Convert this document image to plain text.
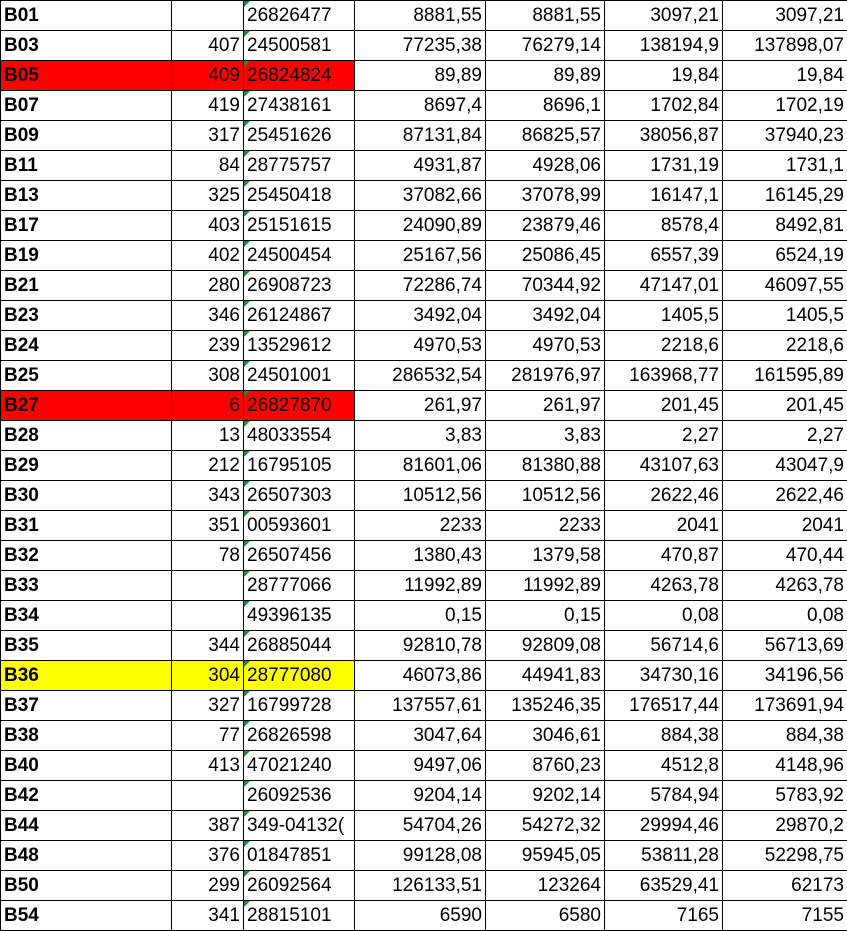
B01		26826477	8881,55	8881,55	3097,21	3097,21
B03	407	24500581	77235,38	76279,14	138194,9	137898,07
B05	409	26824824	89,89	89,89	19,84	19,84
B07	419	27438161	8697,4	8696,1	1702,84	1702,19
B09	317	25451626	87131,84	86825,57	38056,87	37940,23
B11	84	28775757	4931,87	4928,06	1731,19	1731,1
B13	325	25450418	37082,66	37078,99	16147,1	16145,29
B17	403	25151615	24090,89	23879,46	8578,4	8492,81
B19	402	24500454	25167,56	25086,45	6557,39	6524,19
B21	280	26908723	72286,74	70344,92	47147,01	46097,55
B23	346	26124867	3492,04	3492,04	1405,5	1405,5
B24	239	13529612	4970,53	4970,53	2218,6	2218,6
B25	308	24501001	286532,54	281976,97	163968,77	161595,89
B27	6	26827870	261,97	261,97	201,45	201,45
B28	13	48033554	3,83	3,83	2,27	2,27
B29	212	16795105	81601,06	81380,88	43107,63	43047,9
B30	343	26507303	10512,56	10512,56	2622,46	2622,46
B31	351	00593601	2233	2233	2041	2041
B32	78	26507456	1380,43	1379,58	470,87	470,44
B33		28777066	11992,89	11992,89	4263,78	4263,78
B34		49396135	0,15	0,15	0,08	0,08
B35	344	26885044	92810,78	92809,08	56714,6	56713,69
B36	304	28777080	46073,86	44941,83	34730,16	34196,56
B37	327	16799728	137557,61	135246,35	176517,44	173691,94
B38	77	26826598	3047,64	3046,61	884,38	884,38
B40	413	47021240	9497,06	8760,23	4512,8	4148,96
B42		26092536	9204,14	9202,14	5784,94	5783,92
B44	387	349-04132(	54704,26	54272,32	29994,46	29870,2
B48	376	01847851	99128,08	95945,05	53811,28	52298,75
B50	299	26092564	126133,51	123264	63529,41	62173
B54	341	28815101	6590	6580	7165	7155
